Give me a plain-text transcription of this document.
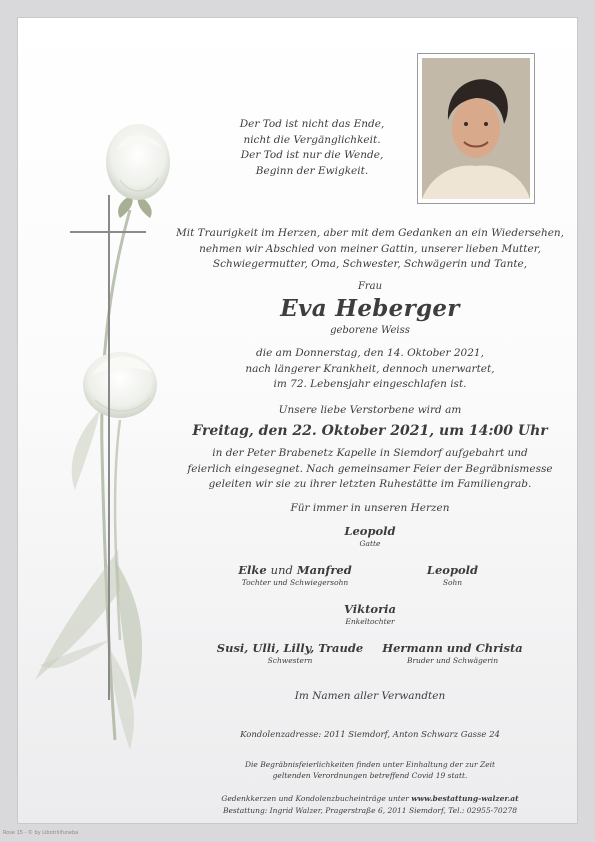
Der Tod ist nicht das Ende,
nicht die Vergänglichkeit.
Der Tod ist nur die Wende,
Beginn der Ewigkeit.
Mit Traurigkeit im Herzen, aber mit dem Gedanken an ein Wiedersehen,
nehmen wir Abschied von meiner Gattin, unserer lieben Mutter,
Schwiegermutter, Oma, Schwester, Schwägerin und Tante,
Frau
Eva Heberger
geborene Weiss
die am Donnerstag, den 14. Oktober 2021,
nach längerer Krankheit, dennoch unerwartet,
im 72. Lebensjahr eingeschlafen ist.
Unsere liebe Verstorbene wird am
Freitag, den 22. Oktober 2021, um 14:00 Uhr
in der Peter Brabenetz Kapelle in Siemdorf aufgebahrt und
feierlich eingesegnet. Nach gemeinsamer Feier der Begräbnismesse
geleiten wir sie zu ihrer letzten Ruhestätte im Familiengrab.
Für immer in unseren Herzen
Leopold
Gatte
Elke und Manfred
Tochter und Schwiegersohn
Leopold
Sohn
Viktoria
Enkeltochter
Susi, Ulli, Lilly, Traude
Schwestern
Hermann und Christa
Bruder und Schwägerin
Im Namen aller Verwandten
Kondolenzadresse: 2011 Siemdorf, Anton Schwarz Gasse 24
Die Begräbnisfeierlichkeiten finden unter Einhaltung der zur Zeit
geltenden Verordnungen betreffend Covid 19 statt.
Gedenkkerzen und Kondolenzbucheinträge unter www.bestattung-walzer.at
Bestattung: Ingrid Walzer, Pragerstraße 6, 2011 Siemdorf, Tel.: 02955-70278
Rose 15 - © by Libotrilifuneba
